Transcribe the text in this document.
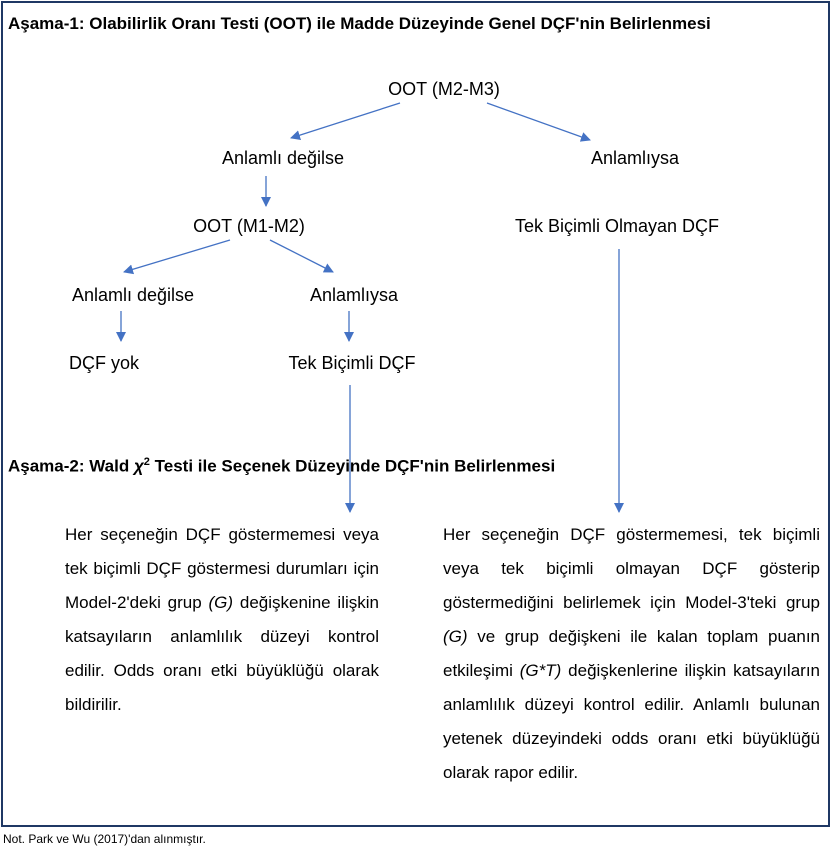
Aşama-1: Olabilirlik Oranı Testi (OOT) ile Madde Düzeyinde Genel DÇF'nin Belirlenmesi
OOT (M2-M3)
Anlamlı değilse	Anlamlıysa
OOT (M1-M2)	Tek Biçimli Olmayan DÇF
Anlamlı değilse	Anlamlıysa
DÇF yok	Tek Biçimli DÇF
Aşama-2: Wald $\chi^2$ Testi ile Seçenek Düzeyinde DÇF'nin Belirlenmesi
Her seçeneğin DÇF göstermemesi veya tek biçimli DÇF göstermesi durumları için Model-2'deki grup (G) değişkenine ilişkin katsayıların anlamlılık düzeyi kontrol edilir. Odds oranı etki büyüklüğü olarak bildirilir.
Her seçeneğin DÇF göstermemesi, tek biçimli veya tek biçimli olmayan DÇF gösterip göstermediğini belirlemek için Model-3'teki grup (G) ve grup değişkeni ile kalan toplam puanın etkileşimi (G*T) değişkenlerine ilişkin katsayıların anlamlılık düzeyi kontrol edilir. Anlamlı bulunan yetenek düzeyindeki odds oranı etki büyüklüğü olarak rapor edilir.
Not. Park ve Wu (2017)'dan alınmıştır.
